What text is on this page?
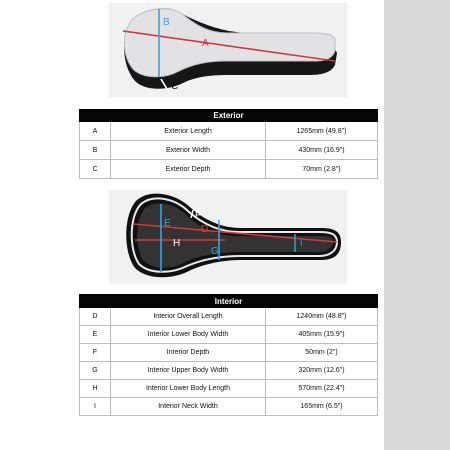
A
B
C
Exterior		
A	Exterior Length	1265mm (49.8")
B	Exterior Width	430mm (16.9")
C	Exterior Depth	70mm (2.8")
D
E
F
G
H	I
Interior		
D	Interior Overall Length	1240mm (48.8")
E	Interior Lower Body Width	405mm (15.9")
F	Interior Depth	50mm (2")
G	Interior Upper Body Width	320mm (12.6")
H	Interior Lower Body Length	570mm (22.4")
I	Interior Neck Width	165mm (6.5")
